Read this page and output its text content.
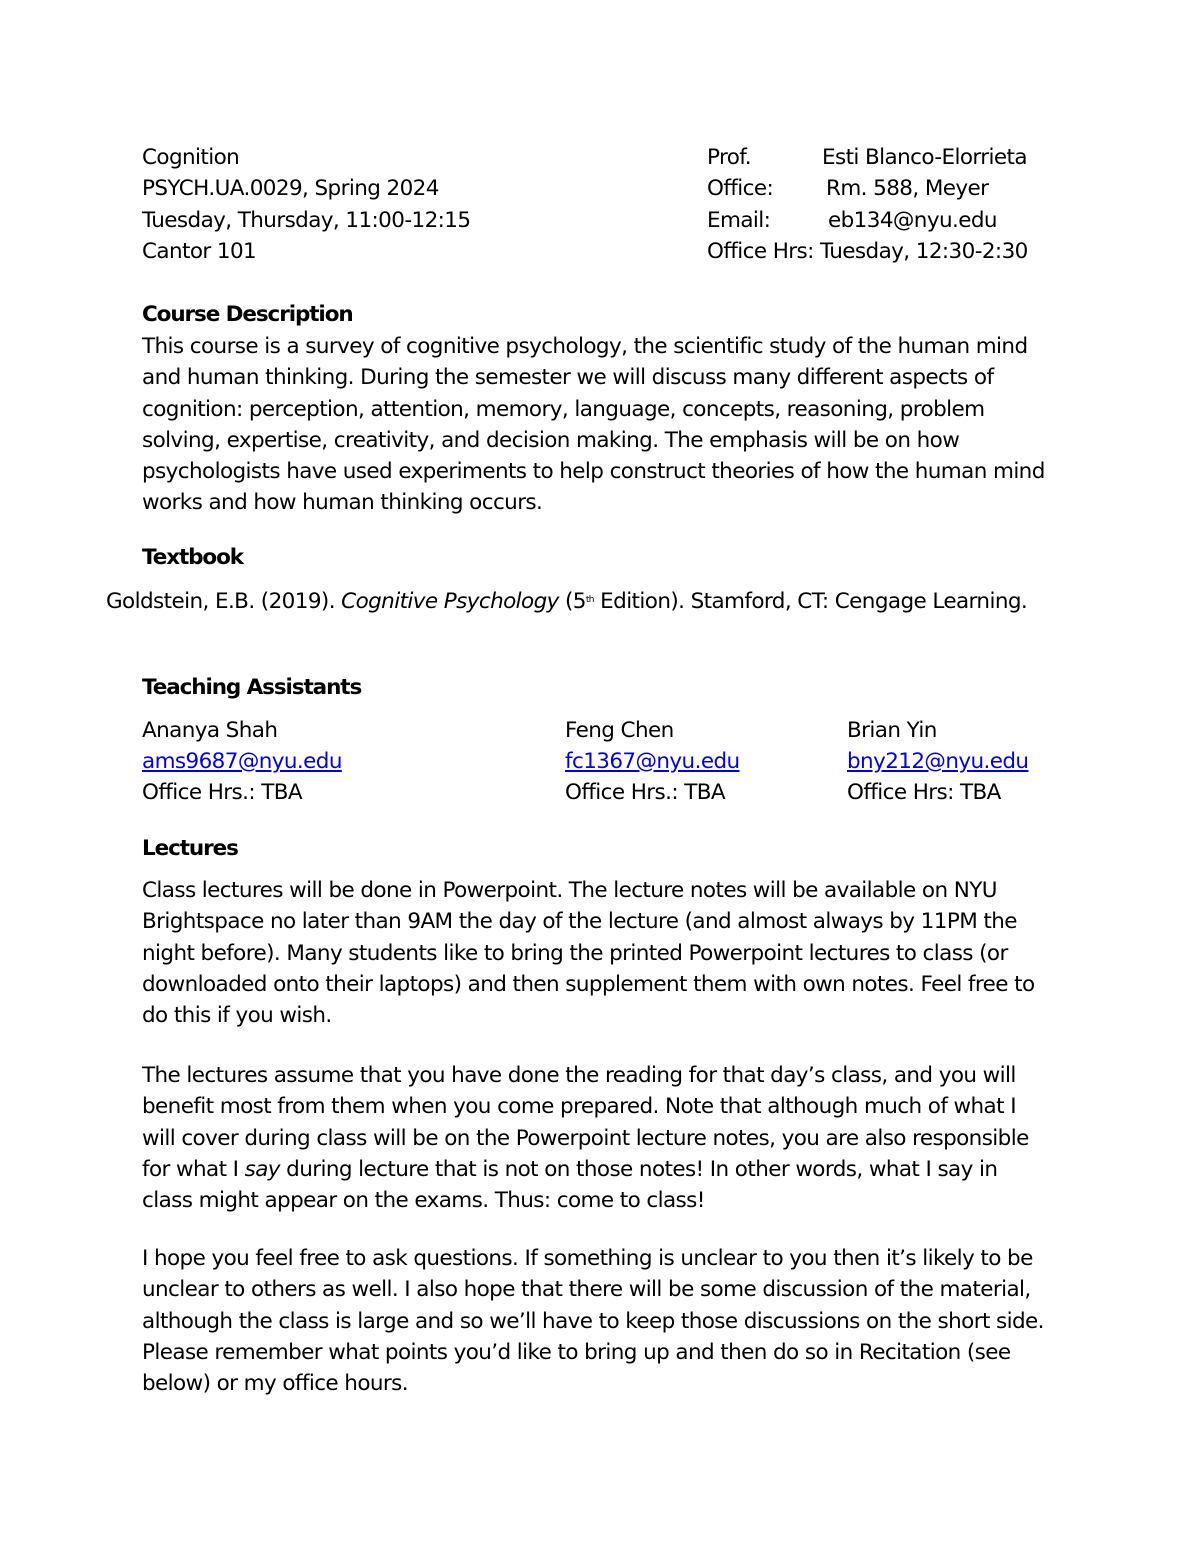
Cognition
PSYCH.UA.0029, Spring 2024
Tuesday, Thursday, 11:00-12:15
Cantor 101
Prof.	Esti Blanco-Elorrieta
Office: Rm. 588, Meyer
Email:	eb134@nyu.edu
Office Hrs: Tuesday, 12:30-2:30
Course Description
This course is a survey of cognitive psychology, the scientific study of the human mind
and human thinking. During the semester we will discuss many different aspects of
cognition: perception, attention, memory, language, concepts, reasoning, problem
solving, expertise, creativity, and decision making. The emphasis will be on how
psychologists have used experiments to help construct theories of how the human mind
works and how human thinking occurs.
Textbook
Goldstein, E.B. (2019). Cognitive Psychology (5th Edition). Stamford, CT: Cengage Learning.
Teaching Assistants
Ananya Shah
ams9687@nyu.edu
Office Hrs.: TBA
Feng Chen
fc1367@nyu.edu
Office Hrs.: TBA
Brian Yin
bny212@nyu.edu
Office Hrs: TBA
Lectures
Class lectures will be done in Powerpoint. The lecture notes will be available on NYU
Brightspace no later than 9AM the day of the lecture (and almost always by 11PM the
night before). Many students like to bring the printed Powerpoint lectures to class (or
downloaded onto their laptops) and then supplement them with own notes. Feel free to
do this if you wish.
The lectures assume that you have done the reading for that day’s class, and you will
benefit most from them when you come prepared. Note that although much of what I
will cover during class will be on the Powerpoint lecture notes, you are also responsible
for what I say during lecture that is not on those notes! In other words, what I say in
class might appear on the exams. Thus: come to class!
I hope you feel free to ask questions. If something is unclear to you then it’s likely to be
unclear to others as well. I also hope that there will be some discussion of the material,
although the class is large and so we’ll have to keep those discussions on the short side.
Please remember what points you’d like to bring up and then do so in Recitation (see
below) or my office hours.
